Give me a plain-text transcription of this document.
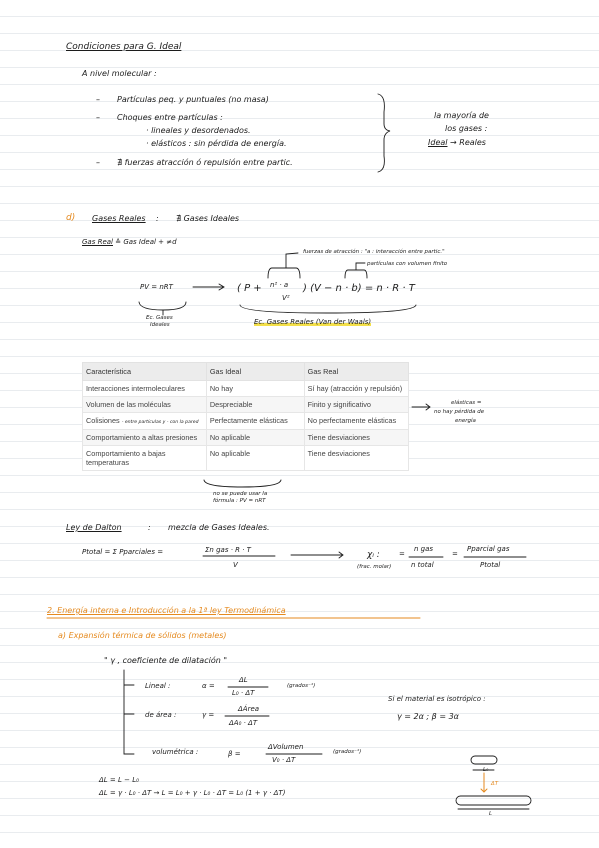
Condiciones para G. Ideal
A nivel molecular :
– Partículas peq. y puntuales (no masa)
– Choques entre partículas :
· lineales y desordenados.
· elásticos : sin pérdida de energía.
– ∄ fuerzas atracción ó repulsión entre partic.
la mayoría de
los gases :
Ideal → Reales
d) Gases Reales : ∄ Gases Ideales
Gas Real ≙ Gas Ideal + ≠d
fuerzas de atracción : "a : interacción entre partic."
partículas con volumen finito
PV = nRT	( P + n² · a
V²
) (V − n · b) = n · R · T
Ec. Gases
Ideales	Ec. Gases Reales (Van der Waals)
Característica	Gas Ideal	Gas Real
Interacciones intermoleculares	No hay	Sí hay (atracción y repulsión)
Volumen de las moléculas	Despreciable	Finito y significativo
Colisiones - entre partículas y - con la pared	Perfectamente elásticas	No perfectamente elásticas
Comportamiento a altas presiones	No aplicable	Tiene desviaciones
Comportamiento a bajas temperaturas	No aplicable	Tiene desviaciones
elásticas =
no hay pérdida de
energía
no se puede usar la
fórmula : PV = nRT
Ley de Dalton	: mezcla de Gases Ideales.
Ptotal = Σ Pparciales =	Σn gas · R · T
V
χᵢ :
(frac. molar)
=
n gas
n total
=
Pparcial gas
Ptotal
2. Energía interna e Introducción a la 1ª ley Termodinámica
a) Expansión térmica de sólidos (metales)
" γ , coeficiente de dilatación "
Lineal :	α =
ΔL
L₀ · ΔT
(grados⁻¹)
de área :	γ =
ΔÁrea
ΔA₀ · ΔT
volumétrica :	β =
ΔVolumen
V₀ · ΔT
(grados⁻¹)
Si el material es isotrópico :
γ = 2α ; β = 3α
ΔL = L − L₀
ΔL = γ · L₀ · ΔT → L = L₀ + γ · L₀ · ΔT = L₀ (1 + γ · ΔT)
L₀
ΔT
L
